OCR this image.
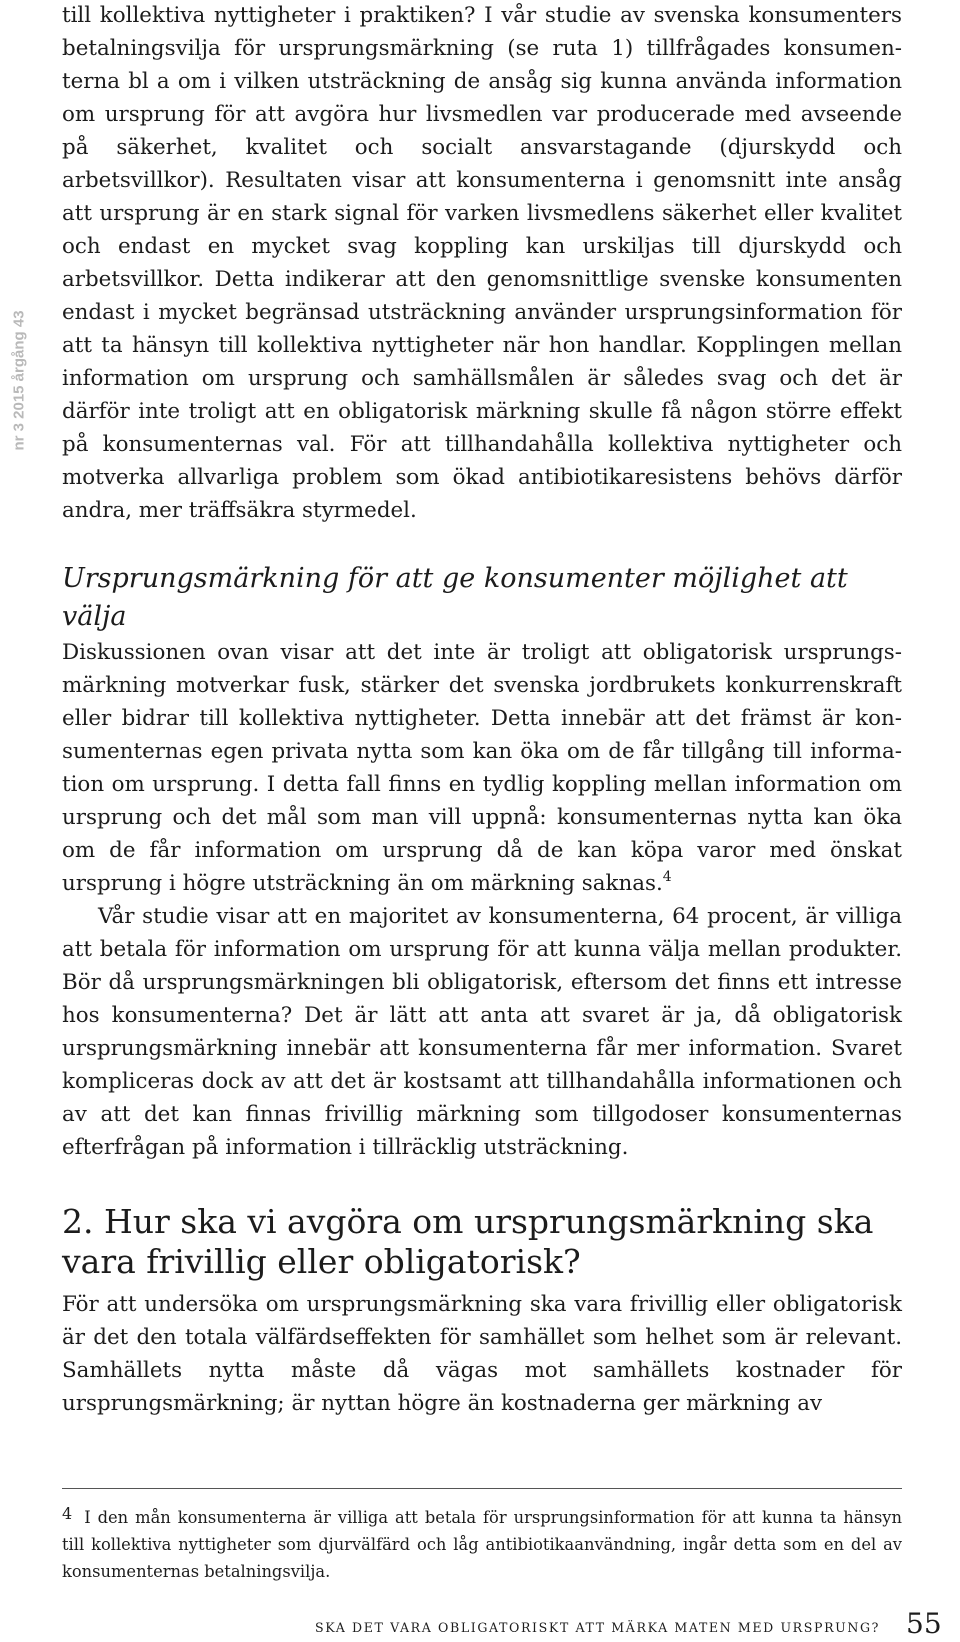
nr 3 2015 årgång 43

till kollektiva nyttigheter i praktiken? I vår studie av svenska konsumenters betalningsvilja för ursprungsmärkning (se ruta 1) tillfrågades konsumenterna bl a om i vilken utsträckning de ansåg sig kunna använda information om ursprung för att avgöra hur livsmedlen var producerade med avseende på säkerhet, kvalitet och socialt ansvarstagande (djurskydd och arbetsvillkor). Resultaten visar att konsumenterna i genomsnitt inte ansåg att ursprung är en stark signal för varken livsmedlens säkerhet eller kvalitet och endast en mycket svag koppling kan urskiljas till djurskydd och arbetsvillkor. Detta indikerar att den genomsnittlige svenske konsumenten endast i mycket begränsad utsträckning använder ursprungsinformation för att ta hänsyn till kollektiva nyttigheter när hon handlar. Kopplingen mellan information om ursprung och samhällsmålen är således svag och det är därför inte troligt att en obligatorisk märkning skulle få någon större effekt på konsumenternas val. För att tillhandahålla kollektiva nyttigheter och motverka allvarliga problem som ökad antibiotikaresistens behövs därför andra, mer träffsäkra styrmedel.

Ursprungsmärkning för att ge konsumenter möjlighet att välja

Diskussionen ovan visar att det inte är troligt att obligatorisk ursprungsmärkning motverkar fusk, stärker det svenska jordbrukets konkurrenskraft eller bidrar till kollektiva nyttigheter. Detta innebär att det främst är konsumenternas egen privata nytta som kan öka om de får tillgång till information om ursprung. I detta fall finns en tydlig koppling mellan information om ursprung och det mål som man vill uppnå: konsumenternas nytta kan öka om de får information om ursprung då de kan köpa varor med önskat ursprung i högre utsträckning än om märkning saknas.$^4$

Vår studie visar att en majoritet av konsumenterna, 64 procent, är villiga att betala för information om ursprung för att kunna välja mellan produkter. Bör då ursprungsmärkningen bli obligatorisk, eftersom det finns ett intresse hos konsumenterna? Det är lätt att anta att svaret är ja, då obligatorisk ursprungsmärkning innebär att konsumenterna får mer information. Svaret kompliceras dock av att det är kostsamt att tillhandahålla informationen och av att det kan finnas frivillig märkning som tillgodoser konsumenternas efterfrågan på information i tillräcklig utsträckning.

2. Hur ska vi avgöra om ursprungsmärkning ska vara frivillig eller obligatorisk?

För att undersöka om ursprungsmärkning ska vara frivillig eller obligatorisk är det den totala välfärdseffekten för samhället som helhet som är relevant. Samhällets nytta måste då vägas mot samhällets kostnader för ursprungsmärkning; är nyttan högre än kostnaderna ger märkning av

4 I den mån konsumenterna är villiga att betala för ursprungsinformation för att kunna ta hänsyn till kollektiva nyttigheter som djurvälfärd och låg antibiotikaanvändning, ingår detta som en del av konsumenternas betalningsvilja.
SKA DET VARA OBLIGATORISKT ATT MÄRKA MATEN MED URSPRUNG? 55
